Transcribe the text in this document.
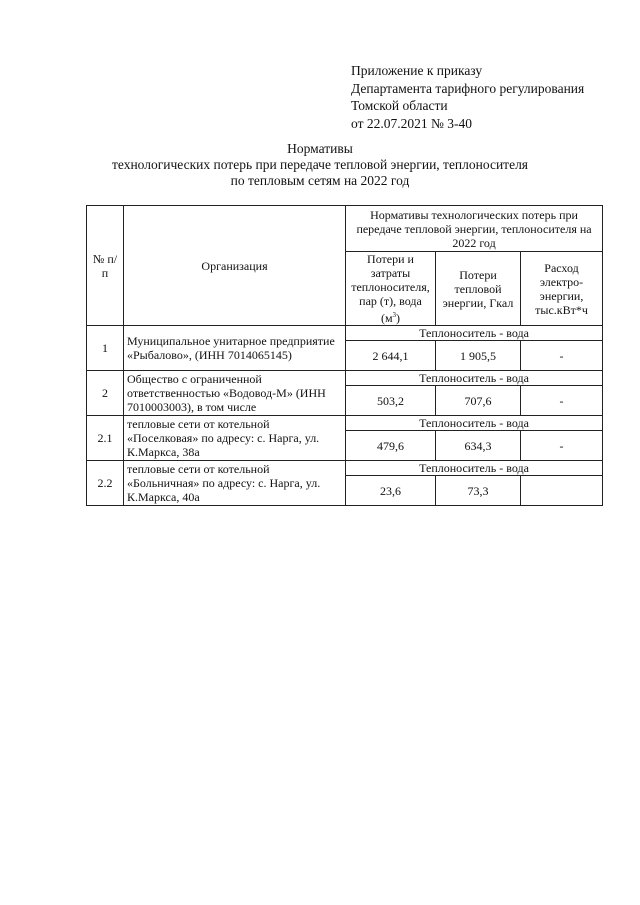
Приложение к приказу
Департамента тарифного регулирования
Томской области
от 22.07.2021 № 3-40
Нормативы
технологических потерь при передаче тепловой энергии, теплоносителя
по тепловым сетям на 2022 год
№ п/п	Организация	Нормативы технологических потерь при передаче тепловой энергии, теплоносителя на 2022 год		
		Потери и затраты теплоносителя, пар (т), вода $(м^3)$	Потери тепловой энергии, Гкал	Расход электро-энергии, тыс.кВт*ч
1	Муниципальное унитарное предприятие «Рыбалово», (ИНН 7014065145)	Теплоноситель - вода		
		2 644,1	1 905,5	-
2	Общество с ограниченной ответственностью «Водовод-М» (ИНН 7010003003), в том числе	Теплоноситель - вода		
		503,2	707,6	-
2.1	тепловые сети от котельной «Поселковая» по адресу: с. Нарга, ул. К.Маркса, 38а	Теплоноситель - вода		
		479,6	634,3	-
2.2	тепловые сети от котельной «Больничная» по адресу: с. Нарга, ул. К.Маркса, 40а	Теплоноситель - вода		
		23,6	73,3	
